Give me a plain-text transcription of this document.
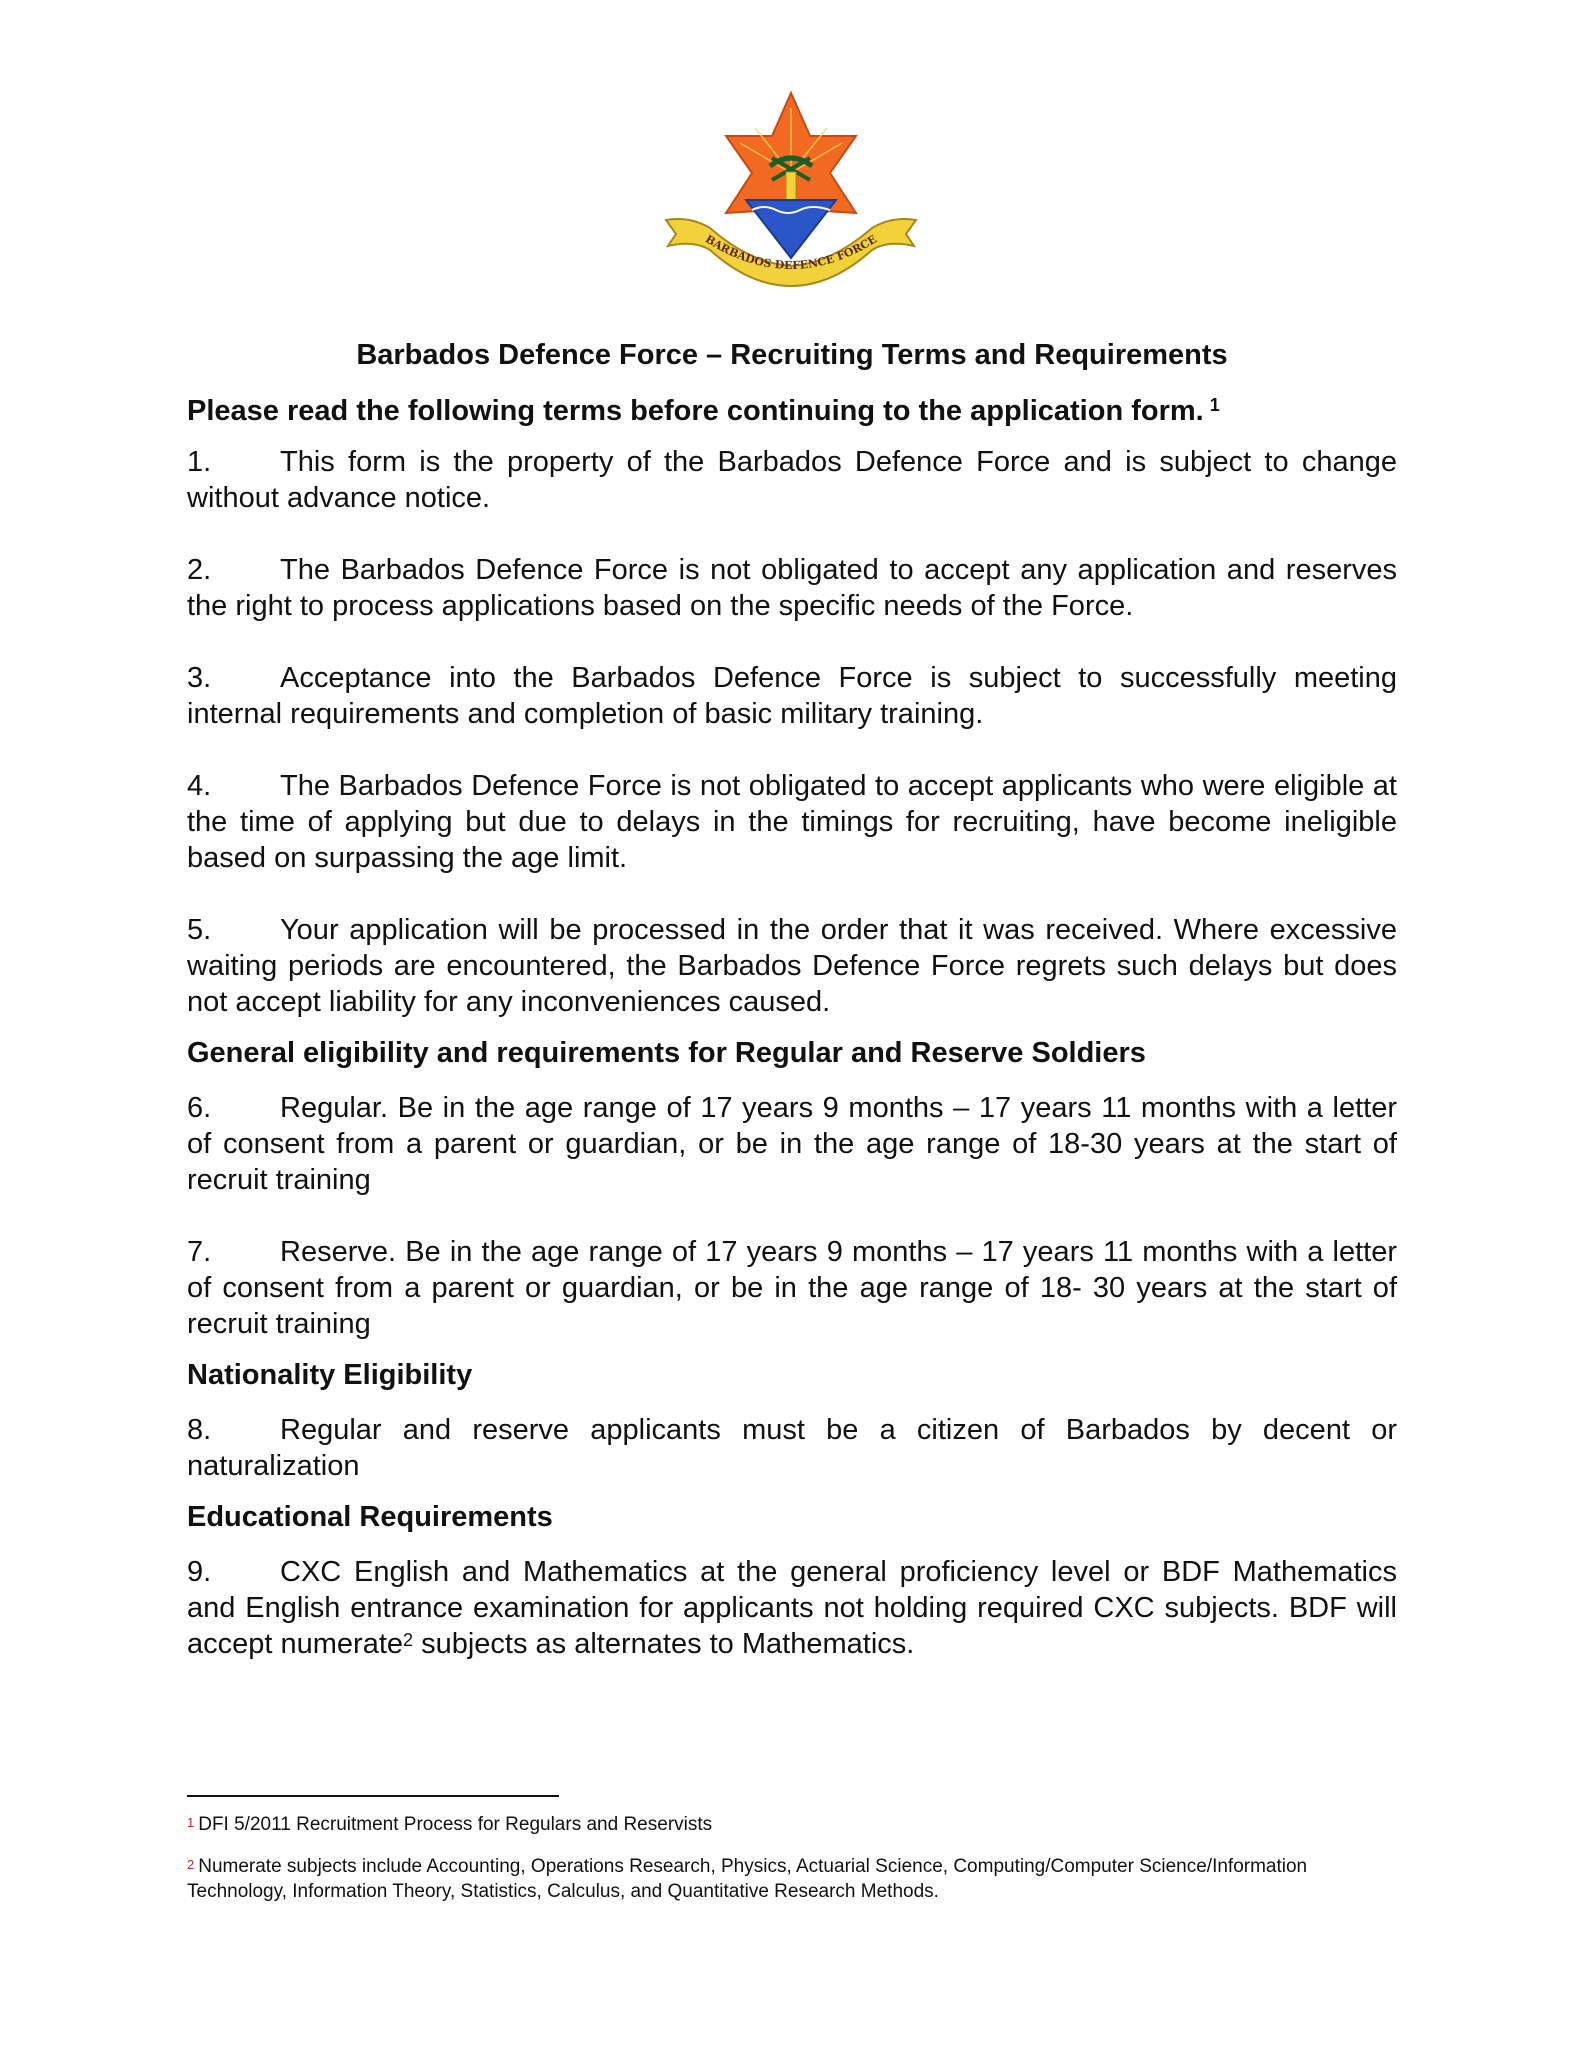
BARBADOS DEFENCE FORCE
Barbados Defence Force – Recruiting Terms and Requirements
Please read the following terms before continuing to the application form. $^1$
1. This form is the property of the Barbados Defence Force and is subject to change without advance notice.
2. The Barbados Defence Force is not obligated to accept any application and reserves the right to process applications based on the specific needs of the Force.
3. Acceptance into the Barbados Defence Force is subject to successfully meeting internal requirements and completion of basic military training.
4. The Barbados Defence Force is not obligated to accept applicants who were eligible at the time of applying but due to delays in the timings for recruiting, have become ineligible based on surpassing the age limit.
5. Your application will be processed in the order that it was received. Where excessive waiting periods are encountered, the Barbados Defence Force regrets such delays but does not accept liability for any inconveniences caused.
General eligibility and requirements for Regular and Reserve Soldiers
6. Regular. Be in the age range of 17 years 9 months – 17 years 11 months with a letter of consent from a parent or guardian, or be in the age range of 18-30 years at the start of recruit training
7. Reserve. Be in the age range of 17 years 9 months – 17 years 11 months with a letter of consent from a parent or guardian, or be in the age range of 18- 30 years at the start of recruit training
Nationality Eligibility
8. Regular and reserve applicants must be a citizen of Barbados by decent or naturalization
Educational Requirements
9. CXC English and Mathematics at the general proficiency level or BDF Mathematics and English entrance examination for applicants not holding required CXC subjects. BDF will accept numerate$^2$ subjects as alternates to Mathematics.
$^1$ DFI 5/2011 Recruitment Process for Regulars and Reservists
$^2$ Numerate subjects include Accounting, Operations Research, Physics, Actuarial Science, Computing/Computer Science/Information Technology, Information Theory, Statistics, Calculus, and Quantitative Research Methods.
